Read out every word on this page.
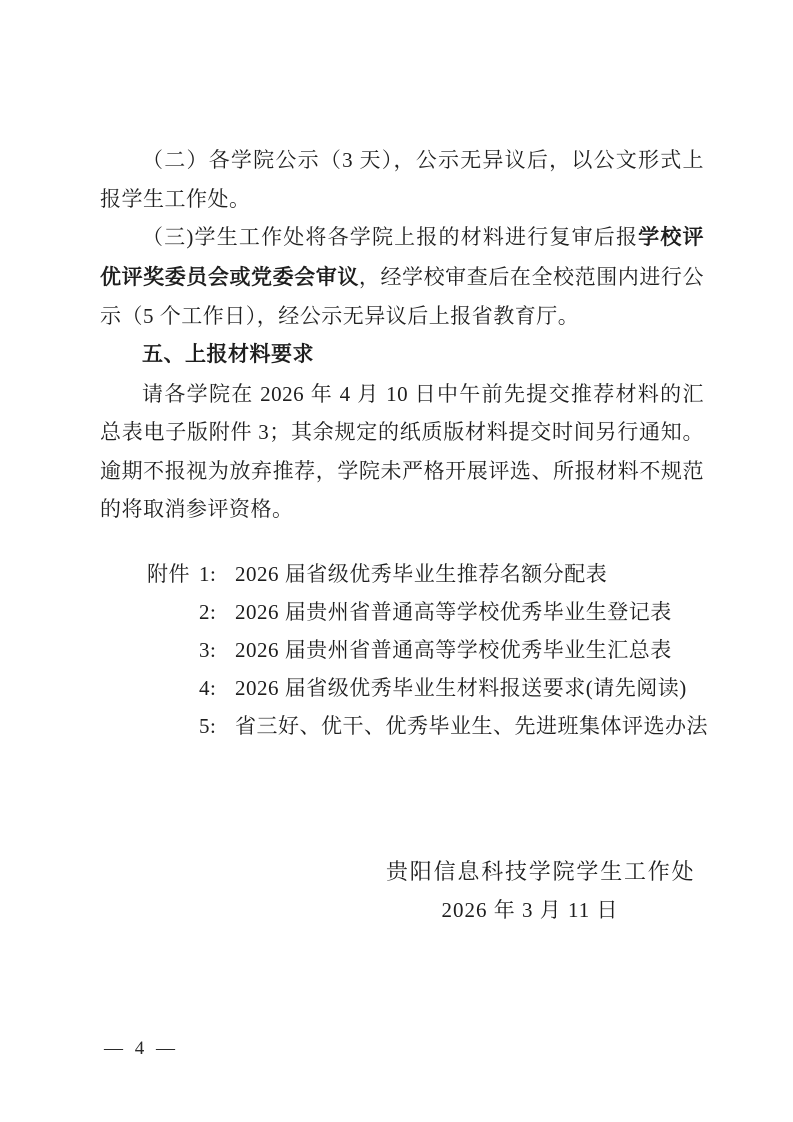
（二）各学院公示（3 天），公示无异议后，以公文形式上报学生工作处。

（三)学生工作处将各学院上报的材料进行复审后报学校评优评奖委员会或党委会审议，经学校审查后在全校范围内进行公示（5 个工作日），经公示无异议后上报省教育厅。

五、上报材料要求

请各学院在 2026 年 4 月 10 日中午前先提交推荐材料的汇总表电子版附件 3；其余规定的纸质版材料提交时间另行通知。逾期不报视为放弃推荐，学院未严格开展评选、所报材料不规范的将取消参评资格。

附件 1: 2026 届省级优秀毕业生推荐名额分配表
2: 2026 届贵州省普通高等学校优秀毕业生登记表
3: 2026 届贵州省普通高等学校优秀毕业生汇总表
4: 2026 届省级优秀毕业生材料报送要求(请先阅读)
5: 省三好、优干、优秀毕业生、先进班集体评选办法
贵阳信息科技学院学生工作处
2026 年 3 月 11 日
— 4 —
